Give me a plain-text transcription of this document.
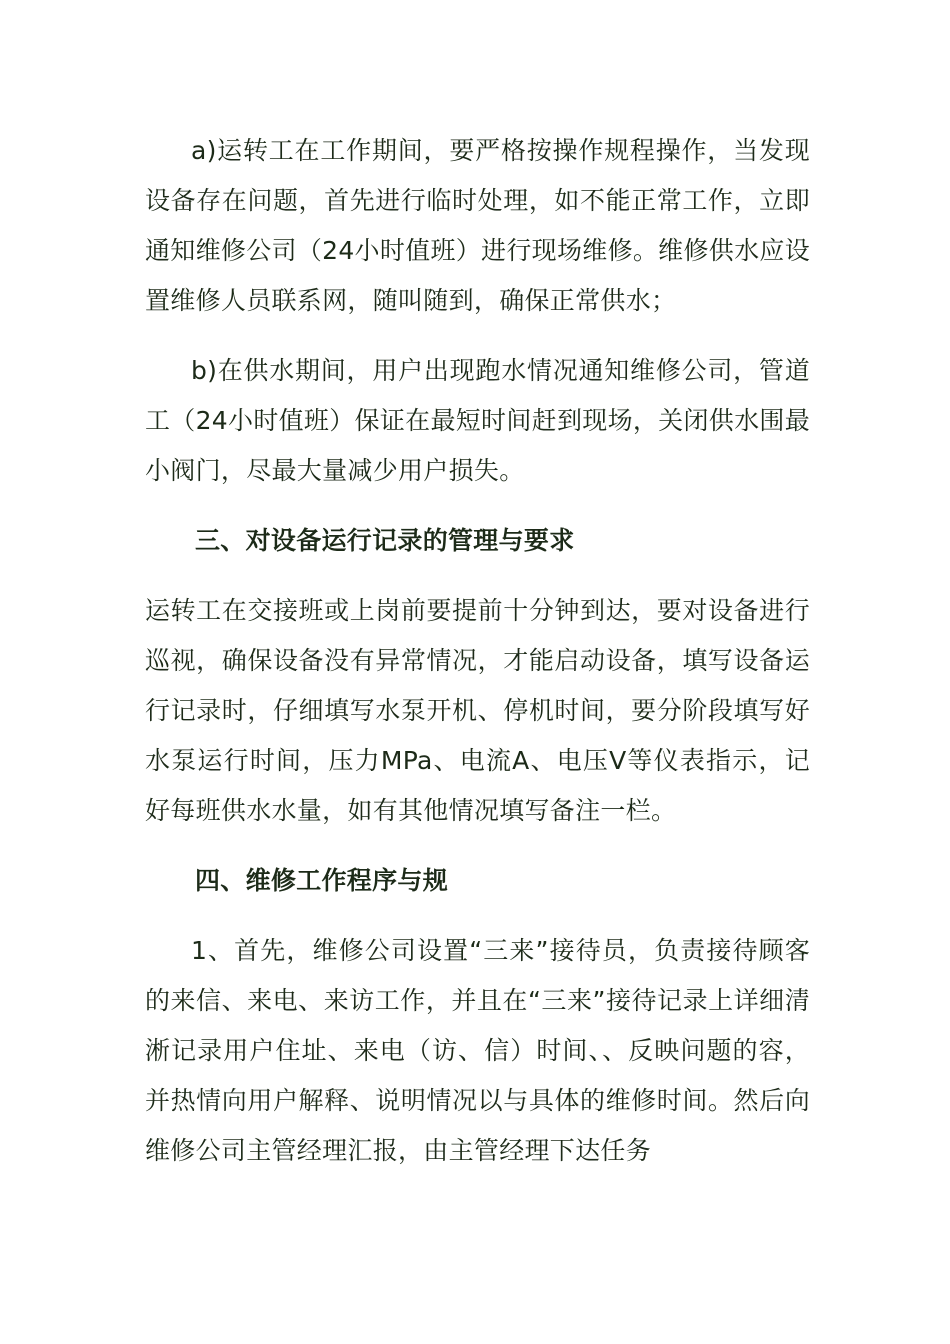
a)运转工在工作期间，要严格按操作规程操作，当发现设备存在问题，首先进行临时处理，如不能正常工作，立即通知维修公司（24小时值班）进行现场维修。维修供水应设置维修人员联系网，随叫随到，确保正常供水；

b)在供水期间，用户出现跑水情况通知维修公司，管道工（24小时值班）保证在最短时间赶到现场，关闭供水围最小阀门，尽最大量减少用户损失。

三、对设备运行记录的管理与要求

运转工在交接班或上岗前要提前十分钟到达，要对设备进行巡视，确保设备没有异常情况，才能启动设备，填写设备运行记录时，仔细填写水泵开机、停机时间，要分阶段填写好水泵运行时间，压力MPa、电流A、电压V等仪表指示，记好每班供水水量，如有其他情况填写备注一栏。

四、维修工作程序与规

1、首先，维修公司设置“三来”接待员，负责接待顾客的来信、来电、来访工作，并且在“三来”接待记录上详细清淅记录用户住址、来电（访、信）时间、、反映问题的容，并热情向用户解释、说明情况以与具体的维修时间。然后向维修公司主管经理汇报，由主管经理下达任务
